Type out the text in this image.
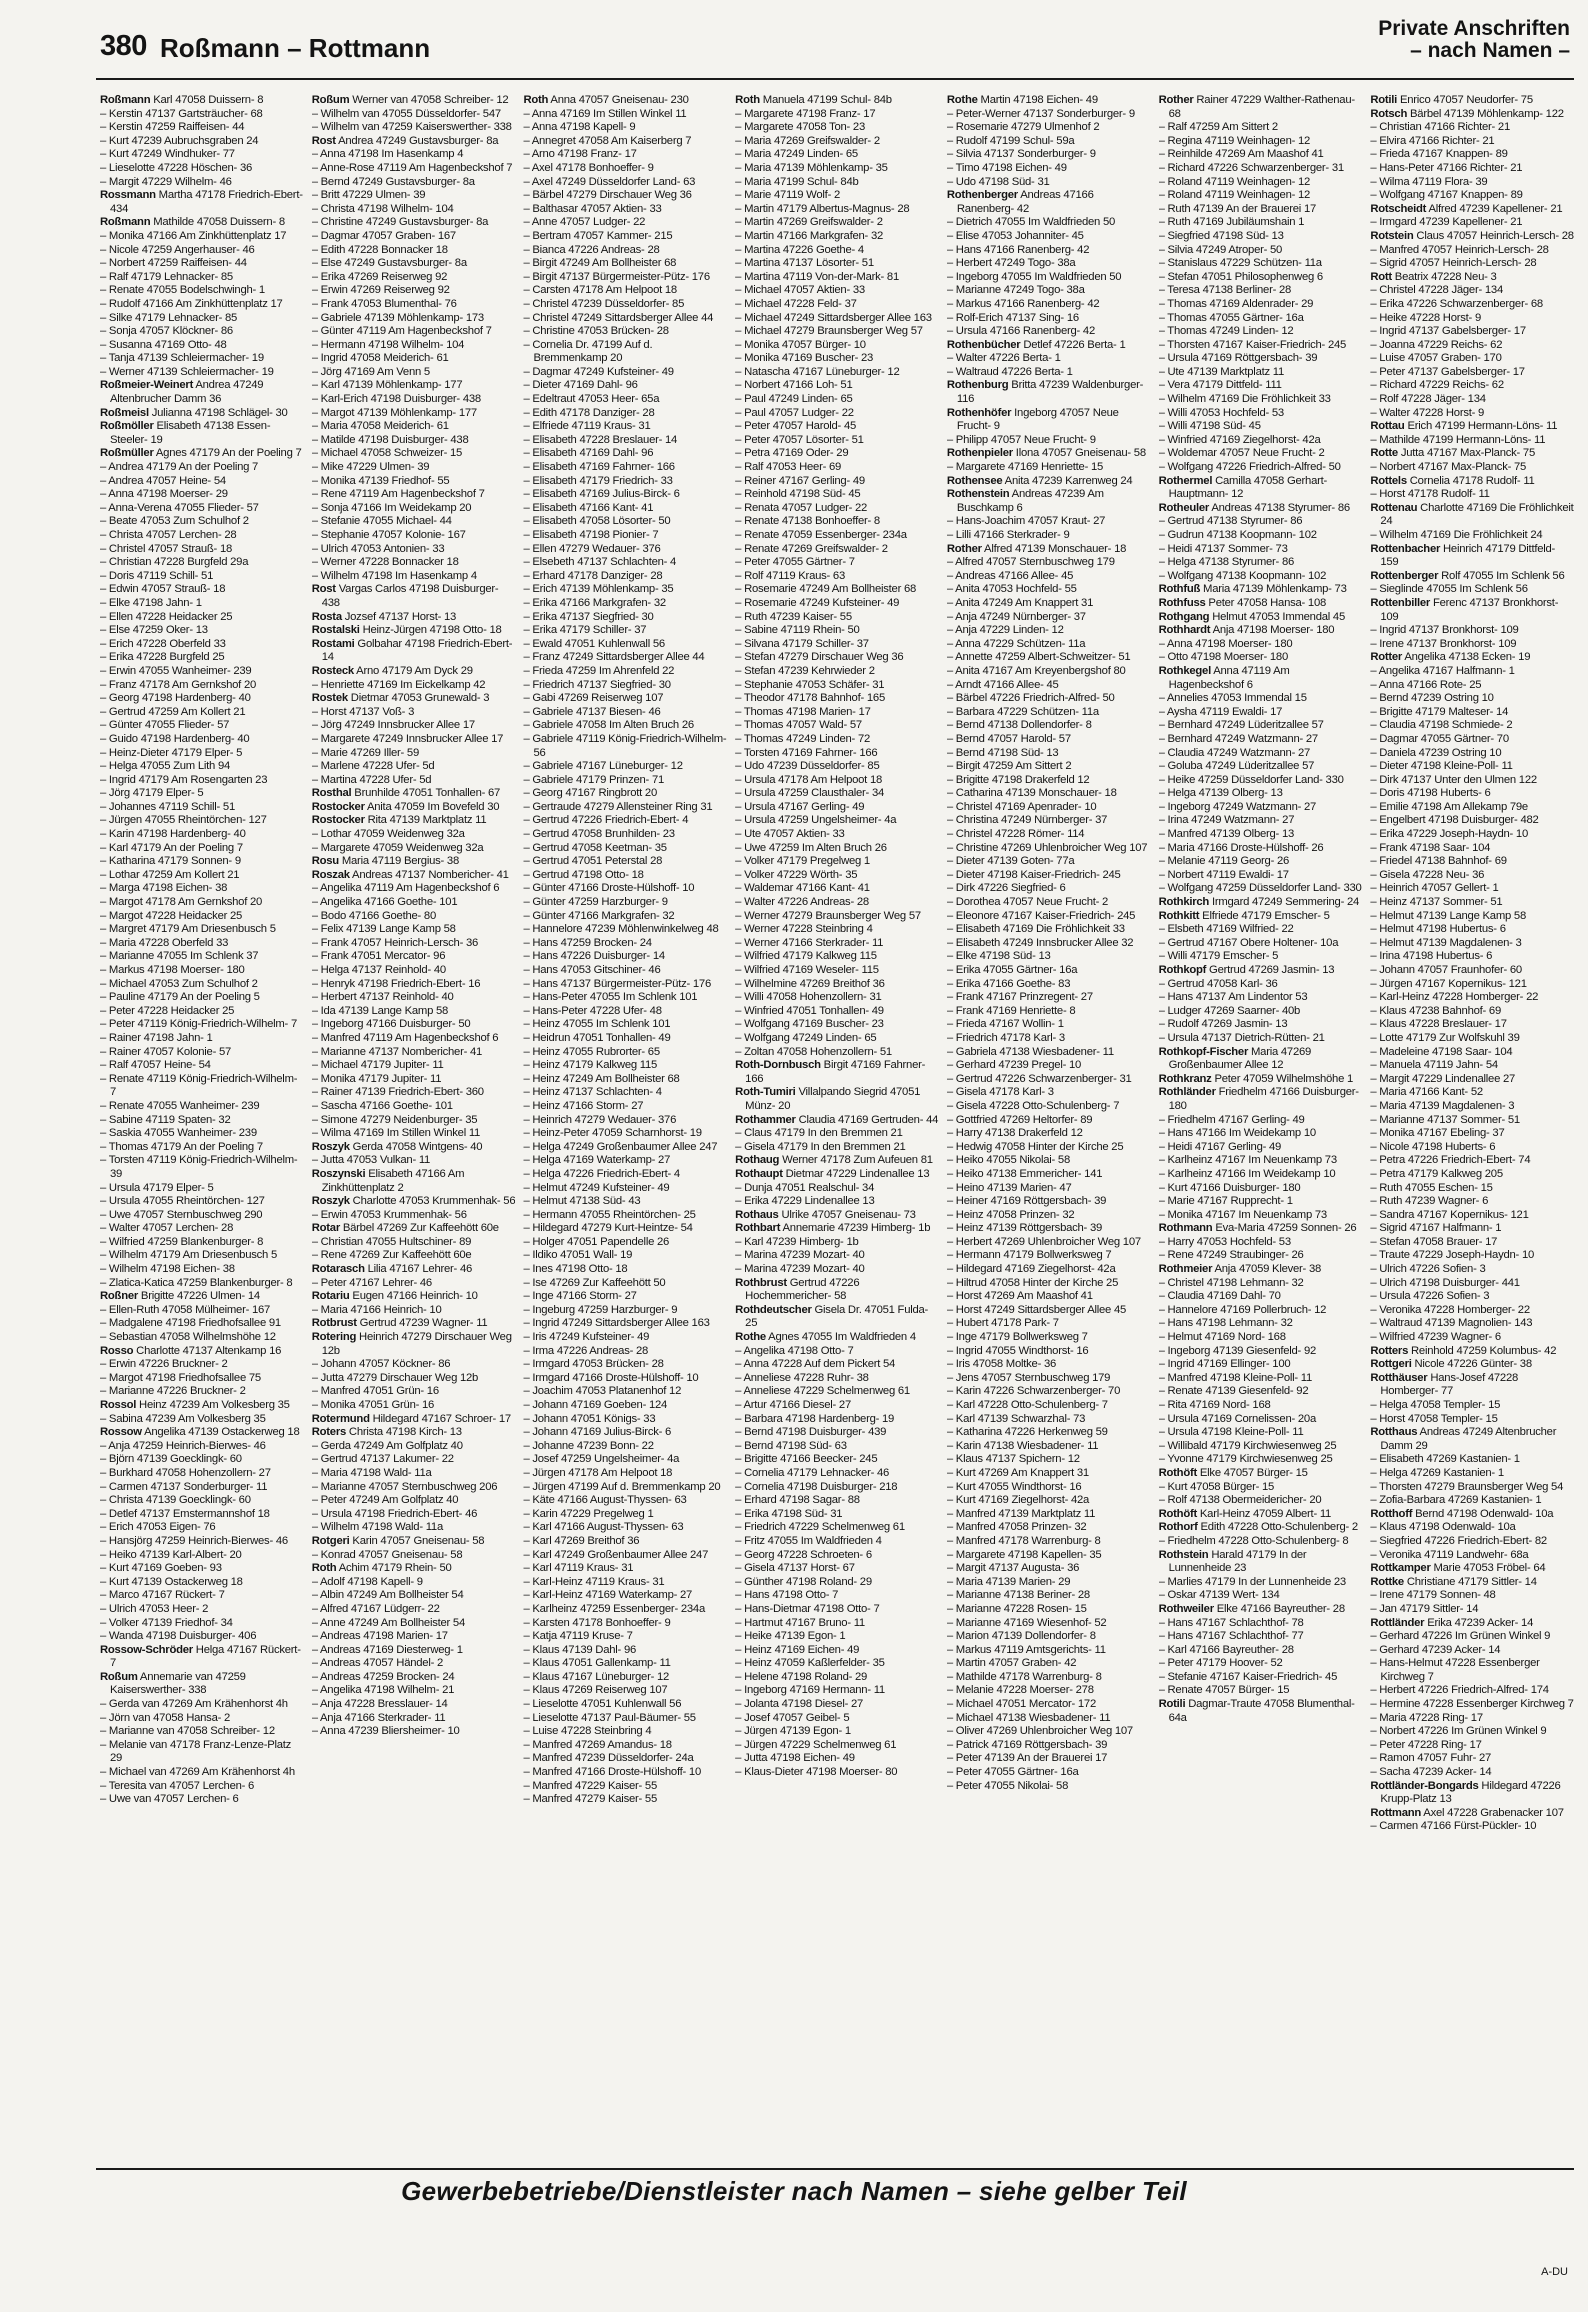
380 Roßmann – Rottmann
Private Anschriften
– nach Namen –
Roßmann Karl 47058 Duissern- 8
– Kerstin 47137 Gartsträucher- 68
– Kerstin 47259 Raiffeisen- 44
– Kurt 47239 Aubruchsgraben 24
– Kurt 47249 Windhuker- 77
– Lieselotte 47228 Höschen- 36
– Margit 47229 Wilhelm- 46
Rossmann Martha 47178 Friedrich-Ebert- 434
Roßmann Mathilde 47058 Duissern- 8
– Monika 47166 Am Zinkhüttenplatz 17
– Nicole 47259 Angerhauser- 46
– Norbert 47259 Raiffeisen- 44
– Ralf 47179 Lehnacker- 85
– Renate 47055 Bodelschwingh- 1
– Rudolf 47166 Am Zinkhüttenplatz 17
– Silke 47179 Lehnacker- 85
– Sonja 47057 Klöckner- 86
– Susanna 47169 Otto- 48
– Tanja 47139 Schleiermacher- 19
– Werner 47139 Schleiermacher- 19
Roßmeier-Weinert Andrea 47249 Altenbrucher Damm 36
Roßmeisl Julianna 47198 Schlägel- 30
Roßmöller Elisabeth 47138 Essen-Steeler- 19
Roßmüller Agnes 47179 An der Poeling 7
– Andrea 47179 An der Poeling 7
– Andrea 47057 Heine- 54
– Anna 47198 Moerser- 29
– Anna-Verena 47055 Flieder- 57
– Beate 47053 Zum Schulhof 2
– Christa 47057 Lerchen- 28
– Christel 47057 Strauß- 18
– Christian 47228 Burgfeld 29a
– Doris 47119 Schill- 51
– Edwin 47057 Strauß- 18
– Elke 47198 Jahn- 1
– Ellen 47228 Heidacker 25
– Else 47259 Oker- 13
– Erich 47228 Oberfeld 33
– Erika 47228 Burgfeld 25
– Erwin 47055 Wanheimer- 239
– Franz 47178 Am Gernkshof 20
– Georg 47198 Hardenberg- 40
– Gertrud 47259 Am Kollert 21
– Günter 47055 Flieder- 57
– Guido 47198 Hardenberg- 40
– Heinz-Dieter 47179 Elper- 5
– Helga 47055 Zum Lith 94
– Ingrid 47179 Am Rosengarten 23
– Jörg 47179 Elper- 5
– Johannes 47119 Schill- 51
– Jürgen 47055 Rheintörchen- 127
– Karin 47198 Hardenberg- 40
– Karl 47179 An der Poeling 7
– Katharina 47179 Sonnen- 9
– Lothar 47259 Am Kollert 21
– Marga 47198 Eichen- 38
– Margot 47178 Am Gernkshof 20
– Margot 47228 Heidacker 25
– Margret 47179 Am Driesenbusch 5
– Maria 47228 Oberfeld 33
– Marianne 47055 Im Schlenk 37
– Markus 47198 Moerser- 180
– Michael 47053 Zum Schulhof 2
– Pauline 47179 An der Poeling 5
– Peter 47228 Heidacker 25
– Peter 47119 König-Friedrich-Wilhelm- 7
– Rainer 47198 Jahn- 1
– Rainer 47057 Kolonie- 57
– Ralf 47057 Heine- 54
– Renate 47119 König-Friedrich-Wilhelm- 7
– Renate 47055 Wanheimer- 239
– Sabine 47119 Spaten- 32
– Saskia 47055 Wanheimer- 239
– Thomas 47179 An der Poeling 7
– Torsten 47119 König-Friedrich-Wilhelm- 39
– Ursula 47179 Elper- 5
– Ursula 47055 Rheintörchen- 127
– Uwe 47057 Sternbuschweg 290
– Walter 47057 Lerchen- 28
– Wilfried 47259 Blankenburger- 8
– Wilhelm 47179 Am Driesenbusch 5
– Wilhelm 47198 Eichen- 38
– Zlatica-Katica 47259 Blankenburger- 8
Roßner Brigitte 47226 Ulmen- 14
– Ellen-Ruth 47058 Mülheimer- 167
– Madgalene 47198 Friedhofsallee 91
– Sebastian 47058 Wilhelmshöhe 12
Rosso Charlotte 47137 Altenkamp 16
– Erwin 47226 Bruckner- 2
– Margot 47198 Friedhofsallee 75
– Marianne 47226 Bruckner- 2
Rossol Heinz 47239 Am Volkesberg 35
– Sabina 47239 Am Volkesberg 35
Rossow Angelika 47139 Ostackerweg 18
– Anja 47259 Heinrich-Bierwes- 46
– Björn 47139 Goecklingk- 60
– Burkhard 47058 Hohenzollern- 27
– Carmen 47137 Sonderburger- 11
– Christa 47139 Goecklingk- 60
– Detlef 47137 Emstermannshof 18
– Erich 47053 Eigen- 76
– Hansjörg 47259 Heinrich-Bierwes- 46
– Heiko 47139 Karl-Albert- 20
– Kurt 47169 Goeben- 93
– Kurt 47139 Ostackerweg 18
– Marco 47167 Rückert- 7
– Ulrich 47053 Heer- 2
– Volker 47139 Friedhof- 34
– Wanda 47198 Duisburger- 406
Rossow-Schröder Helga 47167 Rückert- 7
Roßum Annemarie van 47259 Kaiserswerther- 338
– Gerda van 47269 Am Krähenhorst 4h
– Jörn van 47058 Hansa- 2
– Marianne van 47058 Schreiber- 12
– Melanie van 47178 Franz-Lenze-Platz 29
– Michael van 47269 Am Krähenhorst 4h
– Teresita van 47057 Lerchen- 6
– Uwe van 47057 Lerchen- 6
Roßum Werner van 47058 Schreiber- 12
– Wilhelm van 47055 Düsseldorfer- 547
– Wilhelm van 47259 Kaiserswerther- 338
Rost Andrea 47249 Gustavsburger- 8a
– Anna 47198 Im Hasenkamp 4
– Anne-Rose 47119 Am Hagenbeckshof 7
– Bernd 47249 Gustavsburger- 8a
– Britt 47229 Ulmen- 39
– Christa 47198 Wilhelm- 104
– Christine 47249 Gustavsburger- 8a
– Dagmar 47057 Graben- 167
– Edith 47228 Bonnacker 18
– Else 47249 Gustavsburger- 8a
– Erika 47269 Reiserweg 92
– Erwin 47269 Reiserweg 92
– Frank 47053 Blumenthal- 76
– Gabriele 47139 Möhlenkamp- 173
– Günter 47119 Am Hagenbeckshof 7
– Hermann 47198 Wilhelm- 104
– Ingrid 47058 Meiderich- 61
– Jörg 47169 Am Venn 5
– Karl 47139 Möhlenkamp- 177
– Karl-Erich 47198 Duisburger- 438
– Margot 47139 Möhlenkamp- 177
– Maria 47058 Meiderich- 61
– Matilde 47198 Duisburger- 438
– Michael 47058 Schweizer- 15
– Mike 47229 Ulmen- 39
– Monika 47139 Friedhof- 55
– Rene 47119 Am Hagenbeckshof 7
– Sonja 47166 Im Weidekamp 20
– Stefanie 47055 Michael- 44
– Stephanie 47057 Kolonie- 167
– Ulrich 47053 Antonien- 33
– Werner 47228 Bonnacker 18
– Wilhelm 47198 Im Hasenkamp 4
Rost Vargas Carlos 47198 Duisburger- 438
Rosta Jozsef 47137 Horst- 13
Rostalski Heinz-Jürgen 47198 Otto- 18
Rostami Golbahar 47198 Friedrich-Ebert- 14
Rosteck Arno 47179 Am Dyck 29
– Henriette 47169 Im Eickelkamp 42
Rostek Dietmar 47053 Grunewald- 3
– Horst 47137 Voß- 3
– Jörg 47249 Innsbrucker Allee 17
– Margarete 47249 Innsbrucker Allee 17
– Marie 47269 Iller- 59
– Marlene 47228 Ufer- 5d
– Martina 47228 Ufer- 5d
Rosthal Brunhilde 47051 Tonhallen- 67
Rostocker Anita 47059 Im Bovefeld 30
Rostocker Rita 47139 Marktplatz 11
– Lothar 47059 Weidenweg 32a
– Margarete 47059 Weidenweg 32a
Rosu Maria 47119 Bergius- 38
Roszak Andreas 47137 Nombericher- 41
– Angelika 47119 Am Hagenbeckshof 6
– Angelika 47166 Goethe- 101
– Bodo 47166 Goethe- 80
– Felix 47139 Lange Kamp 58
– Frank 47057 Heinrich-Lersch- 36
– Frank 47051 Mercator- 96
– Helga 47137 Reinhold- 40
– Henryk 47198 Friedrich-Ebert- 16
– Herbert 47137 Reinhold- 40
– Ida 47139 Lange Kamp 58
– Ingeborg 47166 Duisburger- 50
– Manfred 47119 Am Hagenbeckshof 6
– Marianne 47137 Nombericher- 41
– Michael 47179 Jupiter- 11
– Monika 47179 Jupiter- 11
– Rainer 47139 Friedrich-Ebert- 360
– Sascha 47166 Goethe- 101
– Simone 47279 Neidenburger- 35
– Wilma 47169 Im Stillen Winkel 11
Roszyk Gerda 47058 Wintgens- 40
– Jutta 47053 Vulkan- 11
Roszynski Elisabeth 47166 Am Zinkhüttenplatz 2
Roszyk Charlotte 47053 Krummenhak- 56
– Erwin 47053 Krummenhak- 56
Rotar Bärbel 47269 Zur Kaffeehött 60e
– Christian 47055 Hultschiner- 89
– Rene 47269 Zur Kaffeehött 60e
Rotarasch Lilia 47167 Lehrer- 46
– Peter 47167 Lehrer- 46
Rotariu Eugen 47166 Heinrich- 10
– Maria 47166 Heinrich- 10
Rotbrust Gertrud 47239 Wagner- 11
Rotering Heinrich 47279 Dirschauer Weg 12b
– Johann 47057 Köckner- 86
– Jutta 47279 Dirschauer Weg 12b
– Manfred 47051 Grün- 16
– Monika 47051 Grün- 16
Rotermund Hildegard 47167 Schroer- 17
Roters Christa 47198 Kirch- 13
– Gerda 47249 Am Golfplatz 40
– Gertrud 47137 Lakumer- 22
– Maria 47198 Wald- 11a
– Marianne 47057 Sternbuschweg 206
– Peter 47249 Am Golfplatz 40
– Ursula 47198 Friedrich-Ebert- 46
– Wilhelm 47198 Wald- 11a
Rotgeri Karin 47057 Gneisenau- 58
– Konrad 47057 Gneisenau- 58
Roth Achim 47179 Rhein- 50
– Adolf 47198 Kapell- 9
– Albin 47249 Am Bollheister 54
– Alfred 47167 Lüdgerr- 22
– Anne 47249 Am Bollheister 54
– Andreas 47198 Marien- 17
– Andreas 47169 Diesterweg- 1
– Andreas 47057 Händel- 2
– Andreas 47259 Brocken- 24
– Angelika 47198 Wilhelm- 21
– Anja 47228 Bresslauer- 14
– Anja 47166 Sterkrader- 11
– Anna 47239 Bliersheimer- 10
Roth Anna 47057 Gneisenau- 230
– Anna 47169 Im Stillen Winkel 11
– Anna 47198 Kapell- 9
– Annegret 47058 Am Kaiserberg 7
– Arno 47198 Franz- 17
– Axel 47178 Bonhoeffer- 9
– Axel 47249 Düsseldorfer Land- 63
– Bärbel 47279 Dirschauer Weg 36
– Balthasar 47057 Aktien- 33
– Anne 47057 Ludger- 22
– Bertram 47057 Kammer- 215
– Bianca 47226 Andreas- 28
– Birgit 47249 Am Bollheister 68
– Birgit 47137 Bürgermeister-Pütz- 176
– Carsten 47178 Am Helpoot 18
– Christel 47239 Düsseldorfer- 85
– Christel 47249 Sittardsberger Allee 44
– Christine 47053 Brücken- 28
– Cornelia Dr. 47199 Auf d. Bremmenkamp 20
– Dagmar 47249 Kufsteiner- 49
– Dieter 47169 Dahl- 96
– Edeltraut 47053 Heer- 65a
– Edith 47178 Danziger- 28
– Elfriede 47119 Kraus- 31
– Elisabeth 47228 Breslauer- 14
– Elisabeth 47169 Dahl- 96
– Elisabeth 47169 Fahrner- 166
– Elisabeth 47179 Friedrich- 33
– Elisabeth 47169 Julius-Birck- 6
– Elisabeth 47166 Kant- 41
– Elisabeth 47058 Lösorter- 50
– Elisabeth 47198 Pionier- 7
– Ellen 47279 Wedauer- 376
– Elsebeth 47137 Schlachten- 4
– Erhard 47178 Danziger- 28
– Erich 47139 Möhlenkamp- 35
– Erika 47166 Markgrafen- 32
– Erika 47137 Siegfried- 30
– Erika 47179 Schiller- 37
– Ewald 47051 Kuhlenwall 56
– Franz 47249 Sittardsberger Allee 44
– Frieda 47259 Im Ahrenfeld 22
– Friedrich 47137 Siegfried- 30
– Gabi 47269 Reiserweg 107
– Gabriele 47137 Biesen- 46
– Gabriele 47058 Im Alten Bruch 26
– Gabriele 47119 König-Friedrich-Wilhelm- 56
– Gabriele 47167 Lüneburger- 12
– Gabriele 47179 Prinzen- 71
– Georg 47167 Ringbrott 20
– Gertraude 47279 Allensteiner Ring 31
– Gertrud 47226 Friedrich-Ebert- 4
– Gertrud 47058 Brunhilden- 23
– Gertrud 47058 Keetman- 35
– Gertrud 47051 Peterstal 28
– Gertrud 47198 Otto- 18
– Günter 47166 Droste-Hülshoff- 10
– Günter 47259 Harzburger- 9
– Günter 47166 Markgrafen- 32
– Hannelore 47239 Möhlenwinkelweg 48
– Hans 47259 Brocken- 24
– Hans 47226 Duisburger- 14
– Hans 47053 Gitschiner- 46
– Hans 47137 Bürgermeister-Pütz- 176
– Hans-Peter 47055 Im Schlenk 101
– Hans-Peter 47228 Ufer- 48
– Heinz 47055 Im Schlenk 101
– Heidrun 47051 Tonhallen- 49
– Heinz 47055 Rubrorter- 65
– Heinz 47179 Kalkweg 115
– Heinz 47249 Am Bollheister 68
– Heinz 47137 Schlachten- 4
– Heinz 47166 Storm- 27
– Heinrich 47279 Wedauer- 376
– Heinz-Peter 47059 Scharnhorst- 19
– Helga 47249 Großenbaumer Allee 247
– Helga 47169 Waterkamp- 27
– Helga 47226 Friedrich-Ebert- 4
– Helmut 47249 Kufsteiner- 49
– Helmut 47138 Süd- 43
– Hermann 47055 Rheintörchen- 25
– Hildegard 47279 Kurt-Heintze- 54
– Holger 47051 Papendelle 26
– Ildiko 47051 Wall- 19
– Ines 47198 Otto- 18
– Ise 47269 Zur Kaffeehött 50
– Inge 47166 Storm- 27
– Ingeburg 47259 Harzburger- 9
– Ingrid 47249 Sittardsberger Allee 163
– Iris 47249 Kufsteiner- 49
– Irma 47226 Andreas- 28
– Irmgard 47053 Brücken- 28
– Irmgard 47166 Droste-Hülshoff- 10
– Joachim 47053 Platanenhof 12
– Johann 47169 Goeben- 124
– Johann 47051 Königs- 33
– Johann 47169 Julius-Birck- 6
– Johanne 47239 Bonn- 22
– Josef 47259 Ungelsheimer- 4a
– Jürgen 47178 Am Helpoot 18
– Jürgen 47199 Auf d. Bremmenkamp 20
– Käte 47166 August-Thyssen- 63
– Karin 47229 Pregelweg 1
– Karl 47166 August-Thyssen- 63
– Karl 47269 Breithof 36
– Karl 47249 Großenbaumer Allee 247
– Karl 47119 Kraus- 31
– Karl-Heinz 47119 Kraus- 31
– Karl-Heinz 47169 Waterkamp- 27
– Karlheinz 47259 Essenberger- 234a
– Karsten 47178 Bonhoeffer- 9
– Katja 47119 Kruse- 7
– Klaus 47139 Dahl- 96
– Klaus 47051 Gallenkamp- 11
– Klaus 47167 Lüneburger- 12
– Klaus 47269 Reiserweg 107
– Lieselotte 47051 Kuhlenwall 56
– Lieselotte 47137 Paul-Bäumer- 55
– Luise 47228 Steinbring 4
– Manfred 47269 Amandus- 18
– Manfred 47239 Düsseldorfer- 24a
– Manfred 47166 Droste-Hülshoff- 10
– Manfred 47229 Kaiser- 55
– Manfred 47279 Kaiser- 55
Roth Manuela 47199 Schul- 84b
– Margarete 47198 Franz- 17
– Margarete 47058 Ton- 23
– Maria 47269 Greifswalder- 2
– Maria 47249 Linden- 65
– Maria 47139 Möhlenkamp- 35
– Maria 47199 Schul- 84b
– Marie 47119 Wolf- 2
– Martin 47179 Albertus-Magnus- 28
– Martin 47269 Greifswalder- 2
– Martin 47166 Markgrafen- 32
– Martina 47226 Goethe- 4
– Martina 47137 Lösorter- 51
– Martina 47119 Von-der-Mark- 81
– Michael 47057 Aktien- 33
– Michael 47228 Feld- 37
– Michael 47249 Sittardsberger Allee 163
– Michael 47279 Braunsberger Weg 57
– Monika 47057 Bürger- 10
– Monika 47169 Buscher- 23
– Natascha 47167 Lüneburger- 12
– Norbert 47166 Loh- 51
– Paul 47249 Linden- 65
– Paul 47057 Ludger- 22
– Peter 47057 Harold- 45
– Peter 47057 Lösorter- 51
– Petra 47169 Oder- 29
– Ralf 47053 Heer- 69
– Reiner 47167 Gerling- 49
– Reinhold 47198 Süd- 45
– Renata 47057 Ludger- 22
– Renate 47138 Bonhoeffer- 8
– Renate 47059 Essenberger- 234a
– Renate 47269 Greifswalder- 2
– Peter 47055 Gärtner- 7
– Rolf 47119 Kraus- 63
– Rosemarie 47249 Am Bollheister 68
– Rosemarie 47249 Kufsteiner- 49
– Ruth 47239 Kaiser- 55
– Sabine 47119 Rhein- 50
– Silvana 47179 Schiller- 37
– Stefan 47279 Dirschauer Weg 36
– Stefan 47239 Kehrwieder 2
– Stephanie 47053 Schäfer- 31
– Theodor 47178 Bahnhof- 165
– Thomas 47198 Marien- 17
– Thomas 47057 Wald- 57
– Thomas 47249 Linden- 72
– Torsten 47169 Fahrner- 166
– Udo 47239 Düsseldorfer- 85
– Ursula 47178 Am Helpoot 18
– Ursula 47259 Clausthaler- 34
– Ursula 47167 Gerling- 49
– Ursula 47259 Ungelsheimer- 4a
– Ute 47057 Aktien- 33
– Uwe 47259 Im Alten Bruch 26
– Volker 47179 Pregelweg 1
– Volker 47229 Wörth- 35
– Waldemar 47166 Kant- 41
– Walter 47226 Andreas- 28
– Werner 47279 Braunsberger Weg 57
– Werner 47228 Steinbring 4
– Werner 47166 Sterkrader- 11
– Wilfried 47179 Kalkweg 115
– Wilfried 47169 Weseler- 115
– Wilhelmine 47269 Breithof 36
– Willi 47058 Hohenzollern- 31
– Winfried 47051 Tonhallen- 49
– Wolfgang 47169 Buscher- 23
– Wolfgang 47249 Linden- 65
– Zoltan 47058 Hohenzollern- 51
Roth-Dornbusch Birgit 47169 Fahrner- 166
Roth-Tumiri Villalpando Siegrid 47051 Münz- 20
Rothammer Claudia 47169 Gertruden- 44
– Claus 47179 In den Bremmen 21
– Gisela 47179 In den Bremmen 21
Rothaug Werner 47178 Zum Aufeuen 81
Rothaupt Dietmar 47229 Lindenallee 13
– Dunja 47051 Realschul- 34
– Erika 47229 Lindenallee 13
Rothaus Ulrike 47057 Gneisenau- 73
Rothbart Annemarie 47239 Himberg- 1b
– Karl 47239 Himberg- 1b
– Marina 47239 Mozart- 40
– Marina 47239 Mozart- 40
Rothbrust Gertrud 47226 Hochemmericher- 58
Rothdeutscher Gisela Dr. 47051 Fulda- 25
Rothe Agnes 47055 Im Waldfrieden 4
– Angelika 47198 Otto- 7
– Anna 47228 Auf dem Pickert 54
– Anneliese 47228 Ruhr- 38
– Anneliese 47229 Schelmenweg 61
– Artur 47166 Diesel- 27
– Barbara 47198 Hardenberg- 19
– Bernd 47198 Duisburger- 439
– Bernd 47198 Süd- 63
– Brigitte 47166 Beecker- 245
– Cornelia 47179 Lehnacker- 46
– Cornelia 47198 Duisburger- 218
– Erhard 47198 Sagar- 88
– Erika 47198 Süd- 31
– Friedrich 47229 Schelmenweg 61
– Fritz 47055 Im Waldfrieden 4
– Georg 47228 Schroeten- 6
– Gisela 47137 Horst- 67
– Günther 47198 Roland- 29
– Hans 47198 Otto- 7
– Hans-Dietmar 47198 Otto- 7
– Hartmut 47167 Bruno- 11
– Heike 47139 Egon- 1
– Heinz 47169 Eichen- 49
– Heinz 47059 Kaßlerfelder- 35
– Helene 47198 Roland- 29
– Ingeborg 47169 Hermann- 11
– Jolanta 47198 Diesel- 27
– Josef 47057 Geibel- 5
– Jürgen 47139 Egon- 1
– Jürgen 47229 Schelmenweg 61
– Jutta 47198 Eichen- 49
– Klaus-Dieter 47198 Moerser- 80
Rothe Martin 47198 Eichen- 49
– Peter-Werner 47137 Sonderburger- 9
– Rosemarie 47279 Ulmenhof 2
– Rudolf 47199 Schul- 59a
– Silvia 47137 Sonderburger- 9
– Timo 47198 Eichen- 49
– Udo 47198 Süd- 31
Rothenberger Andreas 47166 Ranenberg- 42
– Dietrich 47055 Im Waldfrieden 50
– Elise 47053 Johanniter- 45
– Hans 47166 Ranenberg- 42
– Herbert 47249 Togo- 38a
– Ingeborg 47055 Im Waldfrieden 50
– Marianne 47249 Togo- 38a
– Markus 47166 Ranenberg- 42
– Rolf-Erich 47137 Sing- 16
– Ursula 47166 Ranenberg- 42
Rothenbücher Detlef 47226 Berta- 1
– Walter 47226 Berta- 1
– Waltraud 47226 Berta- 1
Rothenburg Britta 47239 Waldenburger- 116
Rothenhöfer Ingeborg 47057 Neue Frucht- 9
– Philipp 47057 Neue Frucht- 9
Rothenpieler Ilona 47057 Gneisenau- 58
– Margarete 47169 Henriette- 15
Rothensee Anita 47239 Karrenweg 24
Rothenstein Andreas 47239 Am Buschkamp 6
– Hans-Joachim 47057 Kraut- 27
– Lilli 47166 Sterkrader- 9
Rother Alfred 47139 Monschauer- 18
– Alfred 47057 Sternbuschweg 179
– Andreas 47166 Allee- 45
– Anita 47053 Hochfeld- 55
– Anita 47249 Am Knappert 31
– Anja 47249 Nürnberger- 37
– Anja 47229 Linden- 12
– Anna 47229 Schützen- 11a
– Annette 47259 Albert-Schweitzer- 51
– Anita 47167 Am Kreyenbergshof 80
– Arndt 47166 Allee- 45
– Bärbel 47226 Friedrich-Alfred- 50
– Barbara 47229 Schützen- 11a
– Bernd 47138 Dollendorfer- 8
– Bernd 47057 Harold- 57
– Bernd 47198 Süd- 13
– Birgit 47259 Am Sittert 2
– Brigitte 47198 Drakerfeld 12
– Catharina 47139 Monschauer- 18
– Christel 47169 Apenrader- 10
– Christina 47249 Nürnberger- 37
– Christel 47228 Römer- 114
– Christine 47269 Uhlenbroicher Weg 107
– Dieter 47139 Goten- 77a
– Dieter 47198 Kaiser-Friedrich- 245
– Dirk 47226 Siegfried- 6
– Dorothea 47057 Neue Frucht- 2
– Eleonore 47167 Kaiser-Friedrich- 245
– Elisabeth 47169 Die Fröhlichkeit 33
– Elisabeth 47249 Innsbrucker Allee 32
– Elke 47198 Süd- 13
– Erika 47055 Gärtner- 16a
– Erika 47166 Goethe- 83
– Frank 47167 Prinzregent- 27
– Frank 47169 Henriette- 8
– Frieda 47167 Wollin- 1
– Friedrich 47178 Karl- 3
– Gabriela 47138 Wiesbadener- 11
– Gerhard 47239 Pregel- 10
– Gertrud 47226 Schwarzenberger- 31
– Gisela 47178 Karl- 3
– Gisela 47228 Otto-Schulenberg- 7
– Gottfried 47269 Heltorfer- 89
– Harry 47138 Drakerfeld 12
– Hedwig 47058 Hinter der Kirche 25
– Heiko 47055 Nikolai- 58
– Heiko 47138 Emmericher- 141
– Heino 47139 Marien- 47
– Heiner 47169 Röttgersbach- 39
– Heinz 47058 Prinzen- 32
– Heinz 47139 Röttgersbach- 39
– Herbert 47269 Uhlenbroicher Weg 107
– Hermann 47179 Bollwerksweg 7
– Hildegard 47169 Ziegelhorst- 42a
– Hiltrud 47058 Hinter der Kirche 25
– Horst 47269 Am Maashof 41
– Horst 47249 Sittardsberger Allee 45
– Hubert 47178 Park- 7
– Inge 47179 Bollwerksweg 7
– Ingrid 47055 Windthorst- 16
– Iris 47058 Moltke- 36
– Jens 47057 Sternbuschweg 179
– Karin 47226 Schwarzenberger- 70
– Karl 47228 Otto-Schulenberg- 7
– Karl 47139 Schwarzhal- 73
– Katharina 47226 Herkenweg 59
– Karin 47138 Wiesbadener- 11
– Klaus 47137 Spichern- 12
– Kurt 47269 Am Knappert 31
– Kurt 47055 Windthorst- 16
– Kurt 47169 Ziegelhorst- 42a
– Manfred 47139 Marktplatz 11
– Manfred 47058 Prinzen- 32
– Manfred 47178 Warrenburg- 8
– Margarete 47198 Kapellen- 35
– Margit 47137 Augusta- 36
– Maria 47139 Marien- 29
– Marianne 47138 Beriner- 28
– Marianne 47228 Rosen- 15
– Marianne 47169 Wiesenhof- 52
– Marion 47139 Dollendorfer- 8
– Markus 47119 Amtsgerichts- 11
– Martin 47057 Graben- 42
– Mathilde 47178 Warrenburg- 8
– Melanie 47228 Moerser- 278
– Michael 47051 Mercator- 172
– Michael 47138 Wiesbadener- 11
– Oliver 47269 Uhlenbroicher Weg 107
– Patrick 47169 Röttgersbach- 39
– Peter 47139 An der Brauerei 17
– Peter 47055 Gärtner- 16a
– Peter 47055 Nikolai- 58
Rother Rainer 47229 Walther-Rathenau- 68
– Ralf 47259 Am Sittert 2
– Regina 47119 Weinhagen- 12
– Reinhilde 47269 Am Maashof 41
– Richard 47226 Schwarzenberger- 31
– Roland 47119 Weinhagen- 12
– Roland 47119 Weinhagen- 12
– Ruth 47139 An der Brauerei 17
– Ruth 47169 Jubiläumshain 1
– Siegfried 47198 Süd- 13
– Silvia 47249 Atroper- 50
– Stanislaus 47229 Schützen- 11a
– Stefan 47051 Philosophenweg 6
– Teresa 47138 Berliner- 28
– Thomas 47169 Aldenrader- 29
– Thomas 47055 Gärtner- 16a
– Thomas 47249 Linden- 12
– Thorsten 47167 Kaiser-Friedrich- 245
– Ursula 47169 Röttgersbach- 39
– Ute 47139 Marktplatz 11
– Vera 47179 Dittfeld- 111
– Wilhelm 47169 Die Fröhlichkeit 33
– Willi 47053 Hochfeld- 53
– Willi 47198 Süd- 45
– Winfried 47169 Ziegelhorst- 42a
– Woldemar 47057 Neue Frucht- 2
– Wolfgang 47226 Friedrich-Alfred- 50
Rothermel Camilla 47058 Gerhart-Hauptmann- 12
Rotheuler Andreas 47138 Styrumer- 86
– Gertrud 47138 Styrumer- 86
– Gudrun 47138 Koopmann- 102
– Heidi 47137 Sommer- 73
– Helga 47138 Styrumer- 86
– Wolfgang 47138 Koopmann- 102
Rothfuß Maria 47139 Möhlenkamp- 73
Rothfuss Peter 47058 Hansa- 108
Rothgang Helmut 47053 Immendal 45
Rothhardt Anja 47198 Moerser- 180
– Anna 47198 Moerser- 180
– Otto 47198 Moerser- 180
Rothkegel Anna 47119 Am Hagenbeckshof 6
– Annelies 47053 Immendal 15
– Aysha 47119 Ewaldi- 17
– Bernhard 47249 Lüderitzallee 57
– Bernhard 47249 Watzmann- 27
– Claudia 47249 Watzmann- 27
– Goluba 47249 Lüderitzallee 57
– Heike 47259 Düsseldorfer Land- 330
– Helga 47139 Olberg- 13
– Ingeborg 47249 Watzmann- 27
– Irina 47249 Watzmann- 27
– Manfred 47139 Olberg- 13
– Maria 47166 Droste-Hülshoff- 26
– Melanie 47119 Georg- 26
– Norbert 47119 Ewaldi- 17
– Wolfgang 47259 Düsseldorfer Land- 330
Rothkirch Irmgard 47249 Semmering- 24
Rothkitt Elfriede 47179 Emscher- 5
– Elsbeth 47169 Wilfried- 22
– Gertrud 47167 Obere Holtener- 10a
– Willi 47179 Emscher- 5
Rothkopf Gertrud 47269 Jasmin- 13
– Gertrud 47058 Karl- 36
– Hans 47137 Am Lindentor 53
– Ludger 47269 Saarner- 40b
– Rudolf 47269 Jasmin- 13
– Ursula 47137 Dietrich-Rütten- 21
Rothkopf-Fischer Maria 47269 Großenbaumer Allee 12
Rothkranz Peter 47059 Wilhelmshöhe 1
Rothländer Friedhelm 47166 Duisburger- 180
– Friedhelm 47167 Gerling- 49
– Hans 47166 Im Weidekamp 10
– Heidi 47167 Gerling- 49
– Karlheinz 47167 Im Neuenkamp 73
– Karlheinz 47166 Im Weidekamp 10
– Kurt 47166 Duisburger- 180
– Marie 47167 Rupprecht- 1
– Monika 47167 Im Neuenkamp 73
Rothmann Eva-Maria 47259 Sonnen- 26
– Harry 47053 Hochfeld- 53
– Rene 47249 Straubinger- 26
Rothmeier Anja 47059 Klever- 38
– Christel 47198 Lehmann- 32
– Claudia 47169 Dahl- 70
– Hannelore 47169 Pollerbruch- 12
– Hans 47198 Lehmann- 32
– Helmut 47169 Nord- 168
– Ingeborg 47139 Giesenfeld- 92
– Ingrid 47169 Ellinger- 100
– Manfred 47198 Kleine-Poll- 11
– Renate 47139 Giesenfeld- 92
– Rita 47169 Nord- 168
– Ursula 47169 Cornelissen- 20a
– Ursula 47198 Kleine-Poll- 11
– Willibald 47179 Kirchwiesenweg 25
– Yvonne 47179 Kirchwiesenweg 25
Rothöft Elke 47057 Bürger- 15
– Kurt 47058 Bürger- 15
– Rolf 47138 Obermeidericher- 20
Rothöft Karl-Heinz 47059 Albert- 11
Rothorf Edith 47228 Otto-Schulenberg- 2
– Friedhelm 47228 Otto-Schulenberg- 8
Rothstein Harald 47179 In der Lunnenheide 23
– Marlies 47179 In der Lunnenheide 23
– Oskar 47139 Wert- 134
Rothweiler Elke 47166 Bayreuther- 28
– Hans 47167 Schlachthof- 78
– Hans 47167 Schlachthof- 77
– Karl 47166 Bayreuther- 28
– Peter 47179 Hoover- 52
– Stefanie 47167 Kaiser-Friedrich- 45
– Renate 47057 Bürger- 15
Rotili Dagmar-Traute 47058 Blumenthal- 64a
Rotili Enrico 47057 Neudorfer- 75
Rotsch Bärbel 47139 Möhlenkamp- 122
– Christian 47166 Richter- 21
– Elvira 47166 Richter- 21
– Frieda 47167 Knappen- 89
– Hans-Peter 47166 Richter- 21
– Wilma 47119 Flora- 39
– Wolfgang 47167 Knappen- 89
Rotscheidt Alfred 47239 Kapellener- 21
– Irmgard 47239 Kapellener- 21
Rotstein Claus 47057 Heinrich-Lersch- 28
– Manfred 47057 Heinrich-Lersch- 28
– Sigrid 47057 Heinrich-Lersch- 28
Rott Beatrix 47228 Neu- 3
– Christel 47228 Jäger- 134
– Erika 47226 Schwarzenberger- 68
– Heike 47228 Horst- 9
– Ingrid 47137 Gabelsberger- 17
– Joanna 47229 Reichs- 62
– Luise 47057 Graben- 170
– Peter 47137 Gabelsberger- 17
– Richard 47229 Reichs- 62
– Rolf 47228 Jäger- 134
– Walter 47228 Horst- 9
Rottau Erich 47199 Hermann-Löns- 11
– Mathilde 47199 Hermann-Löns- 11
Rotte Jutta 47167 Max-Planck- 75
– Norbert 47167 Max-Planck- 75
Rottels Cornelia 47178 Rudolf- 11
– Horst 47178 Rudolf- 11
Rottenau Charlotte 47169 Die Fröhlichkeit 24
– Wilhelm 47169 Die Fröhlichkeit 24
Rottenbacher Heinrich 47179 Dittfeld- 159
Rottenberger Rolf 47055 Im Schlenk 56
– Sieglinde 47055 Im Schlenk 56
Rottenbiller Ferenc 47137 Bronkhorst- 109
– Ingrid 47137 Bronkhorst- 109
– Irene 47137 Bronkhorst- 109
Rotter Angelika 47138 Ecken- 19
– Angelika 47167 Halfmann- 1
– Anna 47166 Rote- 25
– Bernd 47239 Ostring 10
– Brigitte 47179 Malteser- 14
– Claudia 47198 Schmiede- 2
– Dagmar 47055 Gärtner- 70
– Daniela 47239 Ostring 10
– Dieter 47198 Kleine-Poll- 11
– Dirk 47137 Unter den Ulmen 122
– Doris 47198 Huberts- 6
– Emilie 47198 Am Allekamp 79e
– Engelbert 47198 Duisburger- 482
– Erika 47229 Joseph-Haydn- 10
– Frank 47198 Saar- 104
– Friedel 47138 Bahnhof- 69
– Gisela 47228 Neu- 36
– Heinrich 47057 Gellert- 1
– Heinz 47137 Sommer- 51
– Helmut 47139 Lange Kamp 58
– Helmut 47198 Hubertus- 6
– Helmut 47139 Magdalenen- 3
– Irina 47198 Hubertus- 6
– Johann 47057 Fraunhofer- 60
– Jürgen 47167 Kopernikus- 121
– Karl-Heinz 47228 Homberger- 22
– Klaus 47238 Bahnhof- 69
– Klaus 47228 Breslauer- 17
– Lotte 47179 Zur Wolfskuhl 39
– Madeleine 47198 Saar- 104
– Manuela 47119 Jahn- 54
– Margit 47229 Lindenallee 27
– Maria 47166 Kant- 52
– Maria 47139 Magdalenen- 3
– Marianne 47137 Sommer- 51
– Monika 47167 Ebeling- 37
– Nicole 47198 Huberts- 6
– Petra 47226 Friedrich-Ebert- 74
– Petra 47179 Kalkweg 205
– Ruth 47055 Eschen- 15
– Ruth 47239 Wagner- 6
– Sandra 47167 Kopernikus- 121
– Sigrid 47167 Halfmann- 1
– Stefan 47058 Brauer- 17
– Traute 47229 Joseph-Haydn- 10
– Ulrich 47226 Sofien- 3
– Ulrich 47198 Duisburger- 441
– Ursula 47226 Sofien- 3
– Veronika 47228 Homberger- 22
– Waltraud 47139 Magnolien- 143
– Wilfried 47239 Wagner- 6
Rotters Reinhold 47259 Kolumbus- 42
Rottgeri Nicole 47226 Günter- 38
Rotthäuser Hans-Josef 47228 Homberger- 77
– Helga 47058 Templer- 15
– Horst 47058 Templer- 15
Rotthaus Andreas 47249 Altenbrucher Damm 29
– Elisabeth 47269 Kastanien- 1
– Helga 47269 Kastanien- 1
– Thorsten 47279 Braunsberger Weg 54
– Zofia-Barbara 47269 Kastanien- 1
Rotthoff Bernd 47198 Odenwald- 10a
– Klaus 47198 Odenwald- 10a
– Siegfried 47226 Friedrich-Ebert- 82
– Veronika 47119 Landwehr- 68a
Rottkamper Marie 47053 Fröbel- 64
Rottke Christiane 47179 Sittler- 14
– Irene 47179 Sonnen- 48
– Jan 47179 Sittler- 14
Rottländer Erika 47239 Acker- 14
– Gerhard 47226 Im Grünen Winkel 9
– Gerhard 47239 Acker- 14
– Hans-Helmut 47228 Essenberger Kirchweg 7
– Herbert 47226 Friedrich-Alfred- 174
– Hermine 47228 Essenberger Kirchweg 7
– Maria 47228 Ring- 17
– Norbert 47226 Im Grünen Winkel 9
– Peter 47228 Ring- 17
– Ramon 47057 Fuhr- 27
– Sacha 47239 Acker- 14
Rottländer-Bongards Hildegard 47226 Krupp-Platz 13
Rottmann Axel 47228 Grabenacker 107
– Carmen 47166 Fürst-Pückler- 10
Gewerbebetriebe/Dienstleister nach Namen – siehe gelber Teil
A-DU
